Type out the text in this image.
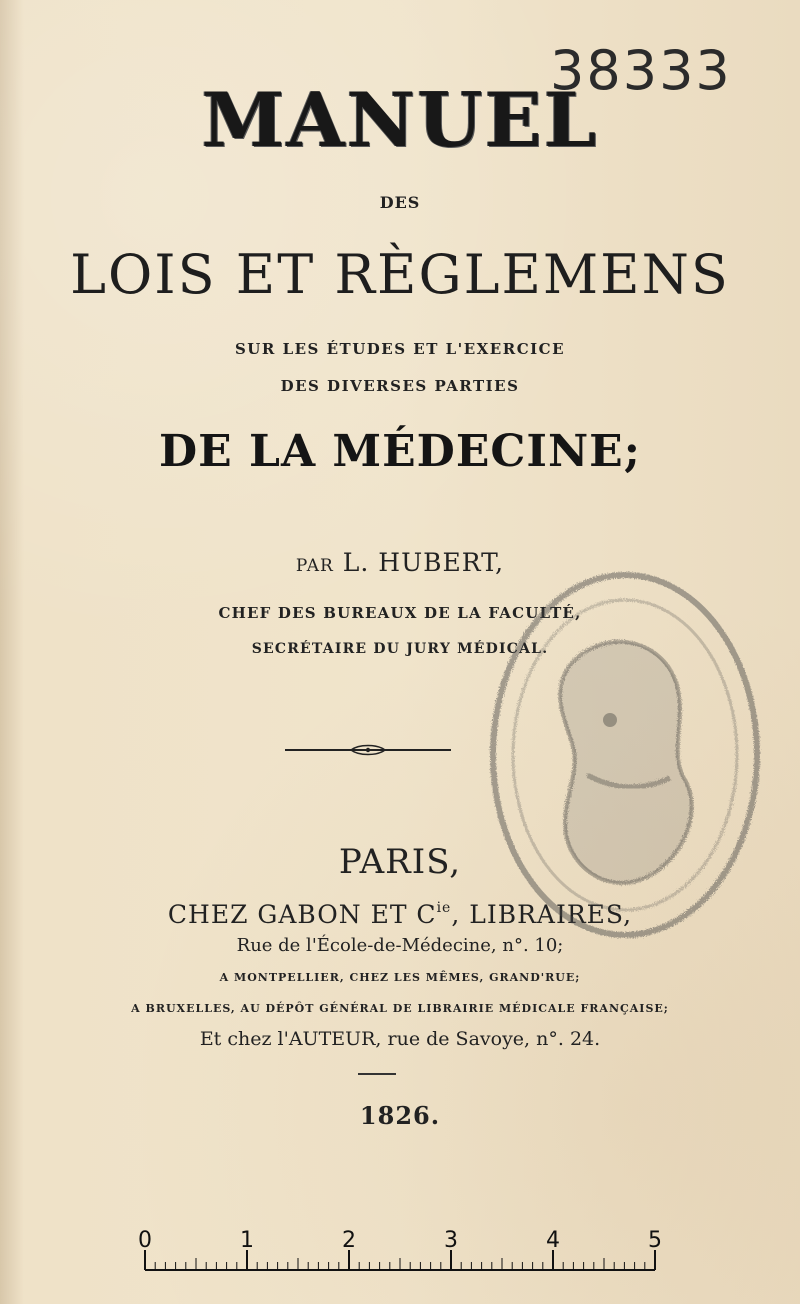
38333
MANUEL
DES
LOIS ET RÈGLEMENS
SUR LES ÉTUDES ET L'EXERCICE
DES DIVERSES PARTIES
DE LA MÉDECINE;
PAR L. HUBERT,
CHEF DES BUREAUX DE LA FACULTÉ,
SECRÉTAIRE DU JURY MÉDICAL.
PARIS,
CHEZ GABON ET $C^{ie}$, LIBRAIRES,
Rue de l'École-de-Médecine, n°. 10;
A MONTPELLIER, CHEZ LES MÊMES, GRAND'RUE;
A BRUXELLES, AU DÉPÔT GÉNÉRAL DE LIBRAIRIE MÉDICALE FRANÇAISE;
Et chez l'AUTEUR, rue de Savoye, n°. 24.
1826.
0	1	2	3	4	5
